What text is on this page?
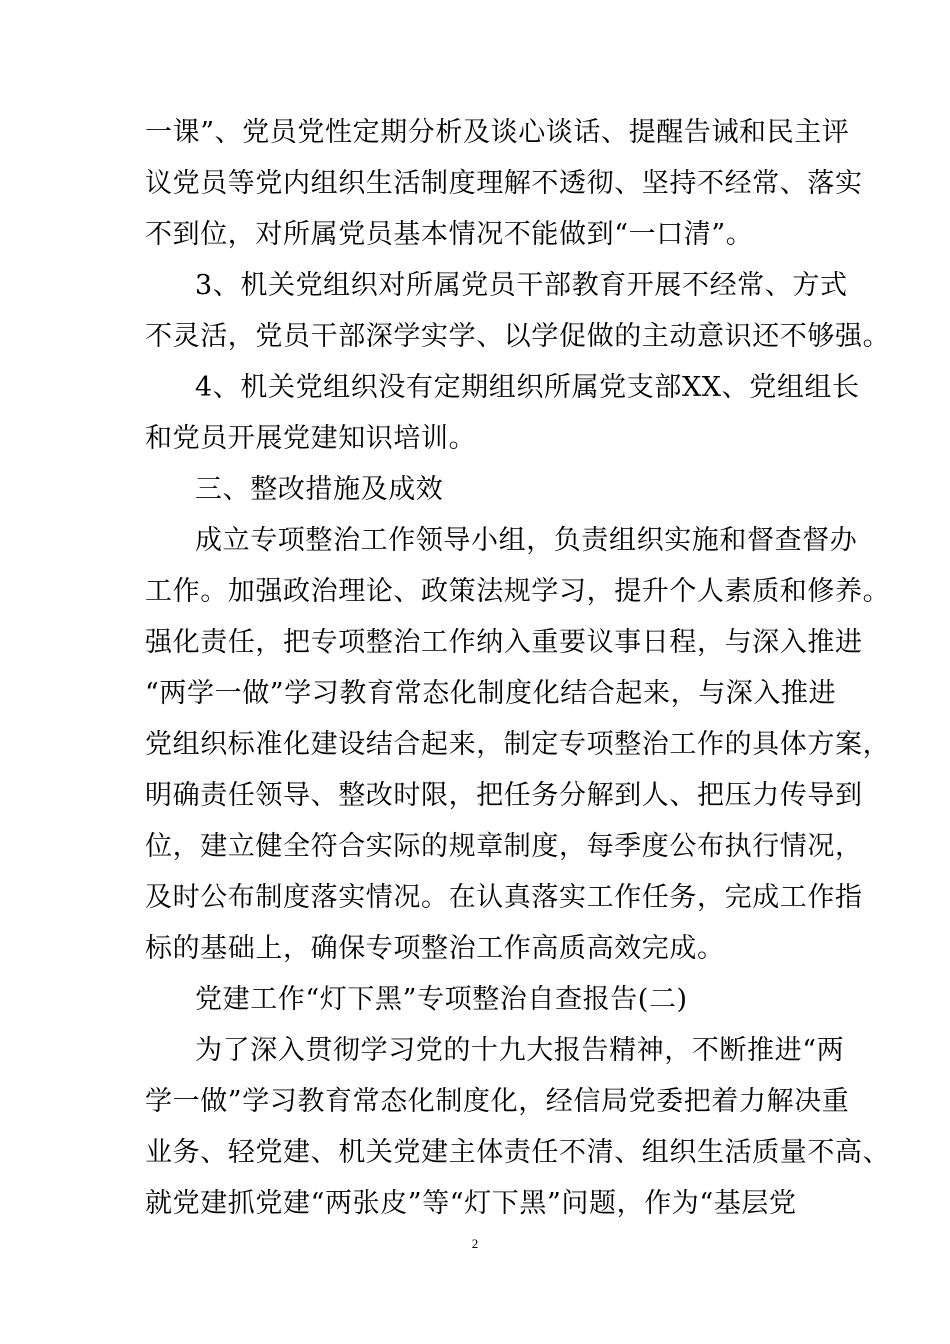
一课”、党员党性定期分析及谈心谈话、提醒告诫和民主评
议党员等党内组织生活制度理解不透彻、坚持不经常、落实
不到位，对所属党员基本情况不能做到“一口清”。
3、机关党组织对所属党员干部教育开展不经常、方式
不灵活，党员干部深学实学、以学促做的主动意识还不够强。
4、机关党组织没有定期组织所属党支部XX、党组组长
和党员开展党建知识培训。
三、整改措施及成效
成立专项整治工作领导小组，负责组织实施和督查督办
工作。加强政治理论、政策法规学习，提升个人素质和修养。
强化责任，把专项整治工作纳入重要议事日程，与深入推进
“两学一做”学习教育常态化制度化结合起来，与深入推进
党组织标准化建设结合起来，制定专项整治工作的具体方案，
明确责任领导、整改时限，把任务分解到人、把压力传导到
位，建立健全符合实际的规章制度，每季度公布执行情况，
及时公布制度落实情况。在认真落实工作任务，完成工作指
标的基础上，确保专项整治工作高质高效完成。
党建工作“灯下黑”专项整治自查报告(二)
为了深入贯彻学习党的十九大报告精神，不断推进“两
学一做”学习教育常态化制度化，经信局党委把着力解决重
业务、轻党建、机关党建主体责任不清、组织生活质量不高、
就党建抓党建“两张皮”等“灯下黑”问题，作为“基层党
2
